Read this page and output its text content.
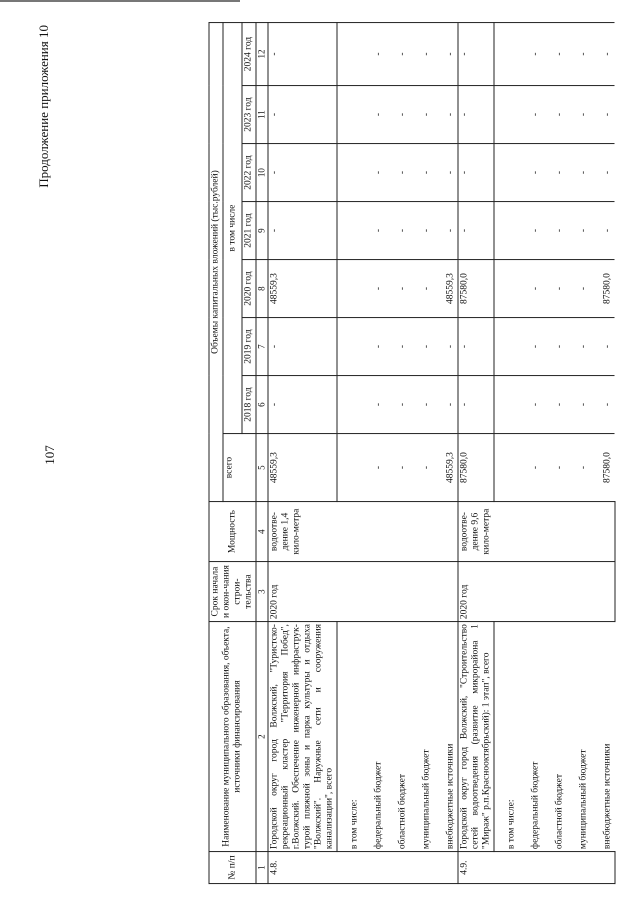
107
Продолжение приложения 10
№ п/п	Наименование муниципального образования, объекта, источники финансирования	Срок начала и окон-чания строи-тельства	Мощность	Объемы капитальных вложений (тыс.рублей)							
				всего	в том числе						
					2018 год	2019 год	2020 год	2021 год	2022 год	2023 год	2024 год
1	2	3	4	5	6	7	8	9	10	11	12
4.8.	Городской округ город Волжский, "Туристско-рекреационный кластер "Территория Побед", г.Волжский. Обеспечение инженерной инфраструк-турой пляжной зоны и парка культуры и отдыха "Волжский". Наружные сети и сооружения канализации", всего	2020 год	водоотве-дение 1,4 кило-метра	48559,3	-	-	48559,3	-	-	-	-
	в том числе:										
	федеральный бюджет			-	-	-	-	-	-	-	-
	областной бюджет			-	-	-	-	-	-	-	-
	муниципальный бюджет			-	-	-	-	-	-	-	-
	внебюджетные источники			48559,3	-	-	48559,3	-	-	-	-
4.9.	Городской округ город Волжский, "Строительство сетей водоотведения (развитие микрорайона 1 "Мираж" р.п.Краснооктябрьский): 1 этап", всего	2020 год	водоотве-дение 9,6 кило-метра	87580,0	-	-	87580,0	-	-	-	-
	в том числе:										
	федеральный бюджет			-	-	-	-	-	-	-	-
	областной бюджет			-	-	-	-	-	-	-	-
	муниципальный бюджет			-	-	-	-	-	-	-	-
	внебюджетные источники			87580,0	-	-	87580,0	-	-	-	-
